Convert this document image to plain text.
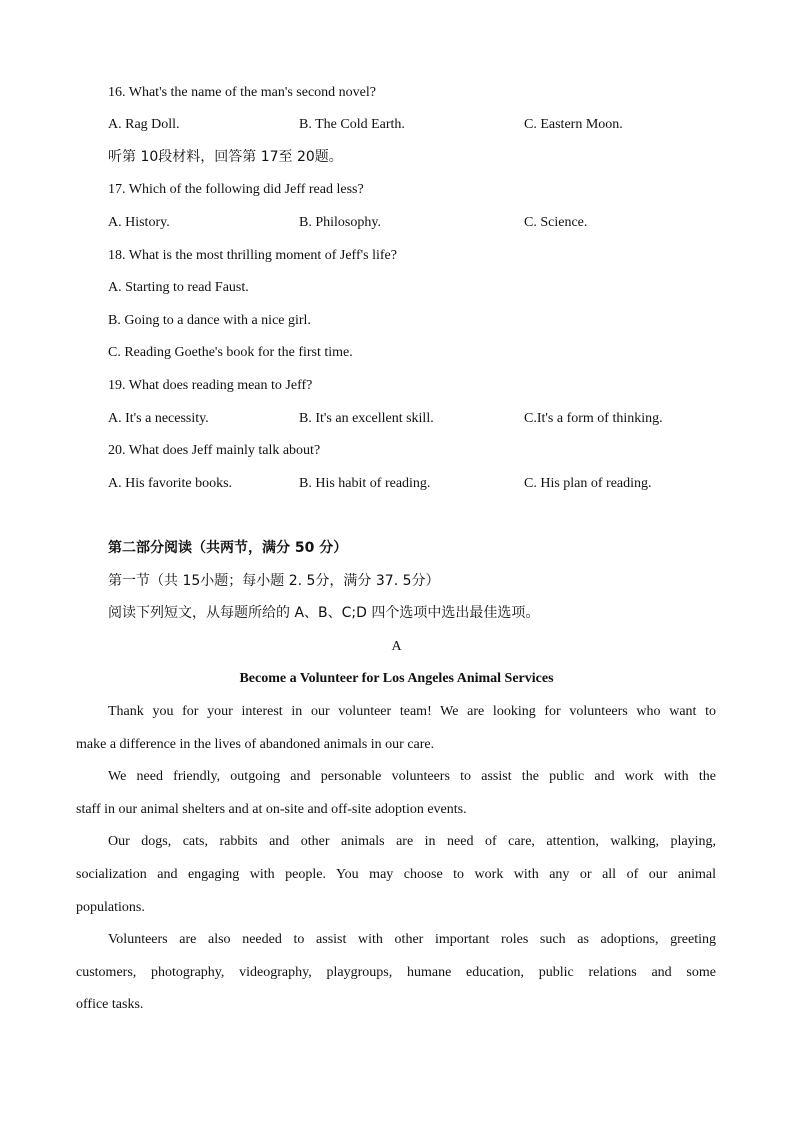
16. What's the name of the man's second novel?
A. Rag Doll.	B. The Cold Earth.	C. Eastern Moon.
听第 10段材料，回答第 17至 20题。
17. Which of the following did Jeff read less?
A. History.	B. Philosophy.	C. Science.
18. What is the most thrilling moment of Jeff's life?
A. Starting to read Faust.
B. Going to a dance with a nice girl.
C. Reading Goethe's book for the first time.
19. What does reading mean to Jeff?
A. It's a necessity.	B. It's an excellent skill.	C.It's a form of thinking.
20. What does Jeff mainly talk about?
A. His favorite books.	B. His habit of reading.	C. His plan of reading.
第二部分阅读（共两节，满分 50 分）
第一节（共 15小题；每小题 2. 5分，满分 37. 5分）
阅读下列短文，从每题所给的 A、B、C;D 四个选项中选出最佳选项。
A
Become a Volunteer for Los Angeles Animal Services
Thank you for your interest in our volunteer team! We are looking for volunteers who want to
make a difference in the lives of abandoned animals in our care.
We need friendly, outgoing and personable volunteers to assist the public and work with the
staff in our animal shelters and at on-site and off-site adoption events.
Our dogs, cats, rabbits and other animals are in need of care, attention, walking, playing,
socialization and engaging with people. You may choose to work with any or all of our animal
populations.
Volunteers are also needed to assist with other important roles such as adoptions, greeting
customers, photography, videography, playgroups, humane education, public relations and some
office tasks.
